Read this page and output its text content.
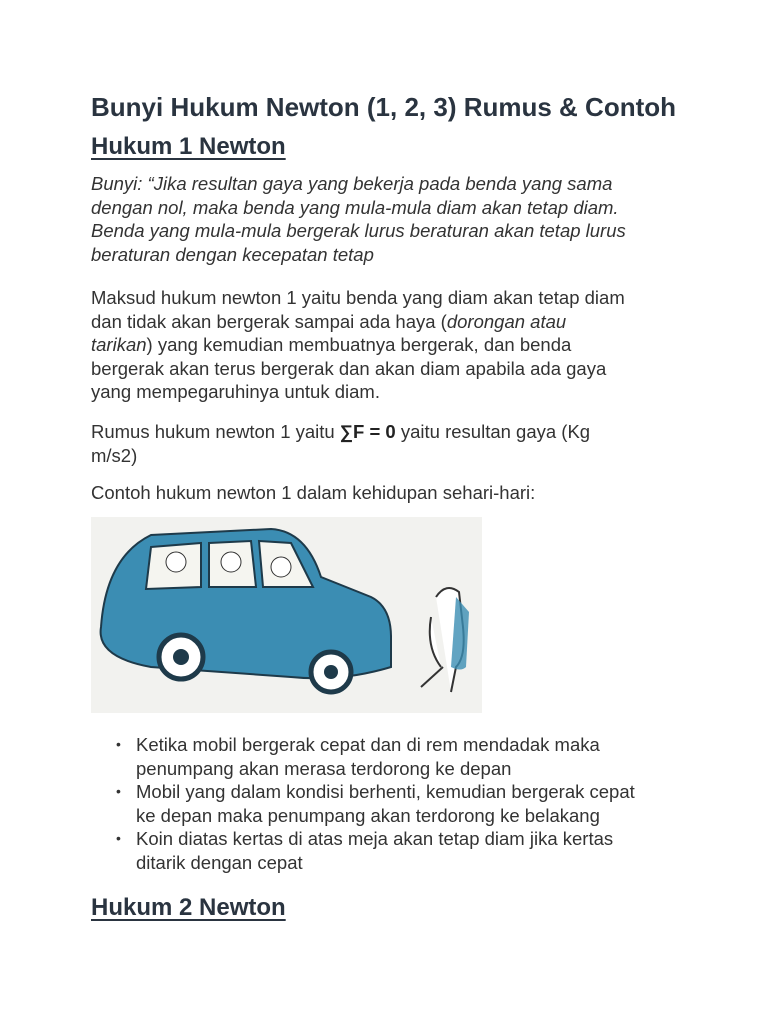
Bunyi Hukum Newton (1, 2, 3) Rumus & Contoh
Hukum 1 Newton
Bunyi: “Jika resultan gaya yang bekerja pada benda yang sama
dengan nol, maka benda yang mula-mula diam akan tetap diam.
Benda yang mula-mula bergerak lurus beraturan akan tetap lurus
beraturan dengan kecepatan tetap
Maksud hukum newton 1 yaitu benda yang diam akan tetap diam
dan tidak akan bergerak sampai ada haya (dorongan atau
tarikan) yang kemudian membuatnya bergerak, dan benda
bergerak akan terus bergerak dan akan diam apabila ada gaya
yang mempegaruhinya untuk diam.
Rumus hukum newton 1 yaitu ∑F = 0 yaitu resultan gaya (Kg
m/s2)
Contoh hukum newton 1 dalam kehidupan sehari-hari:
• Ketika mobil bergerak cepat dan di rem mendadak maka
penumpang akan merasa terdorong ke depan
• Mobil yang dalam kondisi berhenti, kemudian bergerak cepat
ke depan maka penumpang akan terdorong ke belakang
• Koin diatas kertas di atas meja akan tetap diam jika kertas
ditarik dengan cepat
Hukum 2 Newton
